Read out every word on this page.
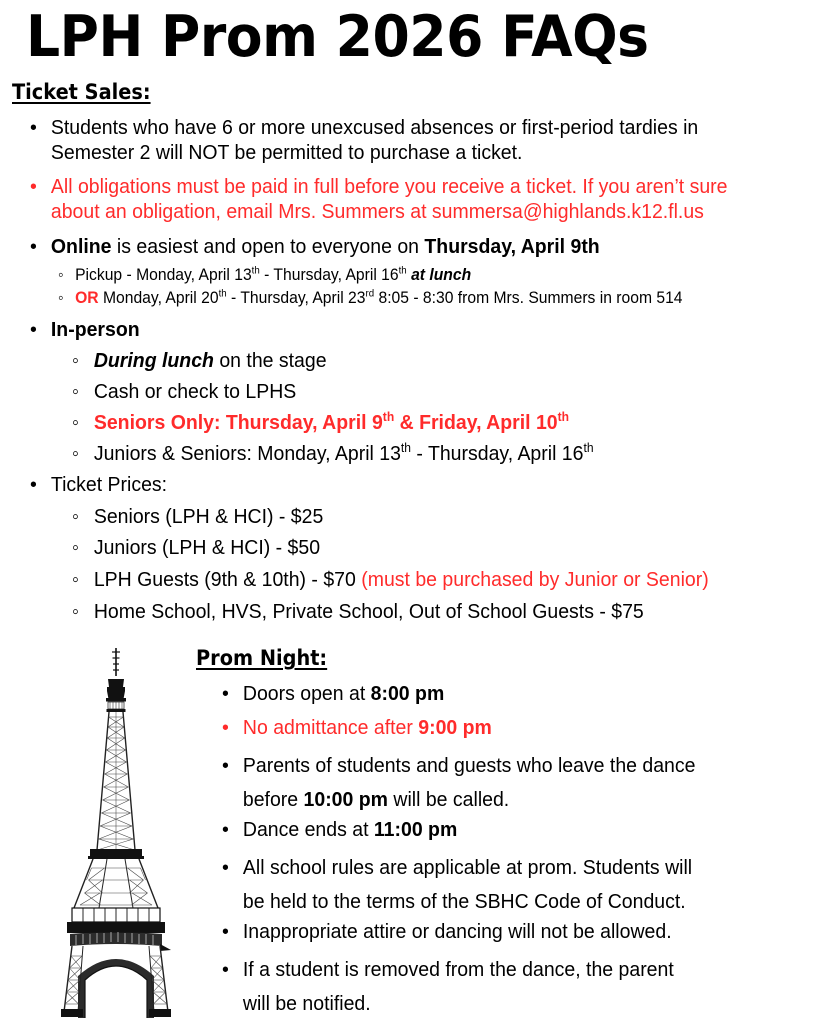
LPH Prom 2026 FAQs
Ticket Sales:
• Students who have 6 or more unexcused absences or first-period tardies in
Semester 2 will NOT be permitted to purchase a ticket.
• All obligations must be paid in full before you receive a ticket. If you aren’t sure
about an obligation, email Mrs. Summers at summersa@highlands.k12.fl.us
• Online is easiest and open to everyone on Thursday, April 9th
◦ Pickup - Monday, April 13th - Thursday, April 16th at lunch
◦ OR Monday, April 20th - Thursday, April 23rd 8:05 - 8:30 from Mrs. Summers in room 514
• In-person
◦ During lunch on the stage
◦ Cash or check to LPHS
◦ Seniors Only: Thursday, April 9th & Friday, April 10th
◦ Juniors & Seniors: Monday, April 13th - Thursday, April 16th
• Ticket Prices:
◦ Seniors (LPH & HCI) - $25
◦ Juniors (LPH & HCI) - $50
◦ LPH Guests (9th & 10th) - $70 (must be purchased by Junior or Senior)
◦ Home School, HVS, Private School, Out of School Guests - $75
Prom Night:
• Doors open at 8:00 pm
• No admittance after 9:00 pm
• Parents of students and guests who leave the dance
before 10:00 pm will be called.
• Dance ends at 11:00 pm
• All school rules are applicable at prom. Students will
be held to the terms of the SBHC Code of Conduct.
• Inappropriate attire or dancing will not be allowed.
• If a student is removed from the dance, the parent
will be notified.
